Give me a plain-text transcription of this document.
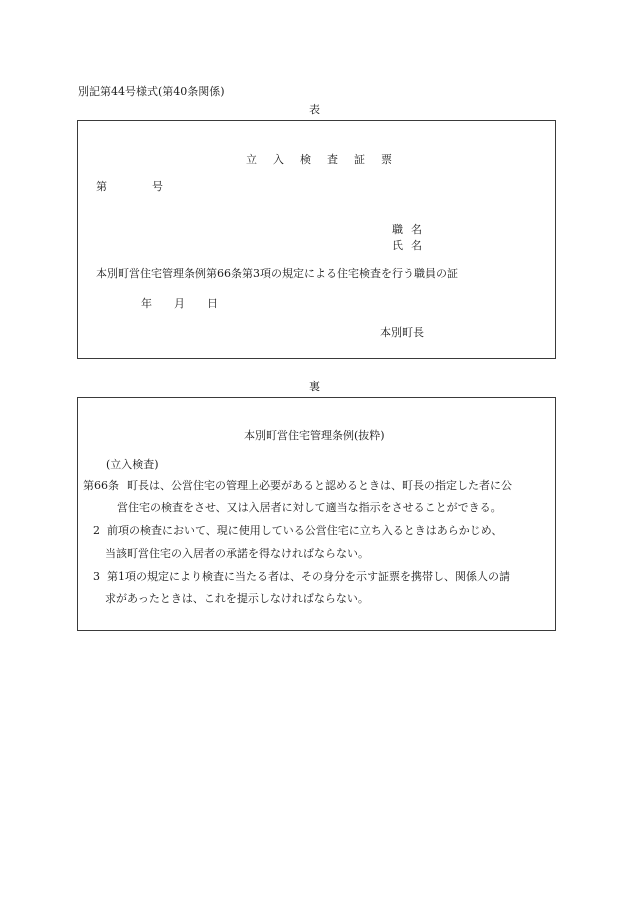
別記第44号様式(第40条関係)
表
立入検査証票
第	号
職名
氏名
本別町営住宅管理条例第66条第3項の規定による住宅検査を行う職員の証
年 月 日
本別町長
裏
本別町営住宅管理条例(抜粋)
(立入検査)
第66条 町長は、公営住宅の管理上必要があると認めるときは、町長の指定した者に公
営住宅の検査をさせ、又は入居者に対して適当な指示をさせることができる。
2 前項の検査において、現に使用している公営住宅に立ち入るときはあらかじめ、
当該町営住宅の入居者の承諾を得なければならない。
3 第1項の規定により検査に当たる者は、その身分を示す証票を携帯し、関係人の請
求があったときは、これを提示しなければならない。
